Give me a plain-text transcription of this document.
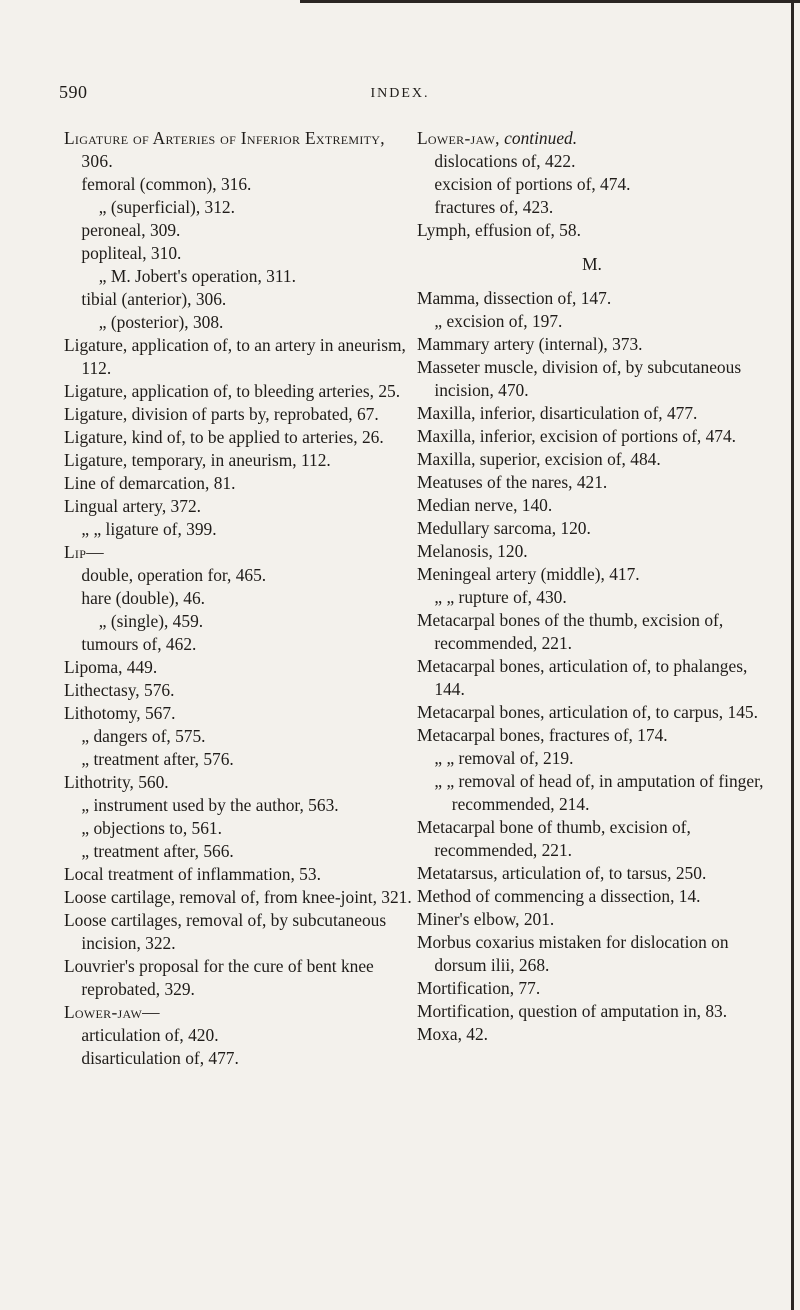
590	INDEX.
Ligature of Arteries of Inferior Extremity, 306.
femoral (common), 316.
„ (superficial), 312.
peroneal, 309.
popliteal, 310.
„ M. Jobert's operation, 311.
tibial (anterior), 306.
„ (posterior), 308.
Ligature, application of, to an artery in aneurism, 112.
Ligature, application of, to bleeding arteries, 25.
Ligature, division of parts by, reprobated, 67.
Ligature, kind of, to be applied to arteries, 26.
Ligature, temporary, in aneurism, 112.
Line of demarcation, 81.
Lingual artery, 372.
„ „ ligature of, 399.
Lip—
double, operation for, 465.
hare (double), 46.
„ (single), 459.
tumours of, 462.
Lipoma, 449.
Lithectasy, 576.
Lithotomy, 567.
„ dangers of, 575.
„ treatment after, 576.
Lithotrity, 560.
„ instrument used by the author, 563.
„ objections to, 561.
„ treatment after, 566.
Local treatment of inflammation, 53.
Loose cartilage, removal of, from knee-joint, 321.
Loose cartilages, removal of, by subcutaneous incision, 322.
Louvrier's proposal for the cure of bent knee reprobated, 329.
Lower-jaw—
articulation of, 420.
disarticulation of, 477.
Lower-jaw, continued.
dislocations of, 422.
excision of portions of, 474.
fractures of, 423.
Lymph, effusion of, 58.
M.
Mamma, dissection of, 147.
„ excision of, 197.
Mammary artery (internal), 373.
Masseter muscle, division of, by subcutaneous incision, 470.
Maxilla, inferior, disarticulation of, 477.
Maxilla, inferior, excision of portions of, 474.
Maxilla, superior, excision of, 484.
Meatuses of the nares, 421.
Median nerve, 140.
Medullary sarcoma, 120.
Melanosis, 120.
Meningeal artery (middle), 417.
„ „ rupture of, 430.
Metacarpal bones of the thumb, excision of, recommended, 221.
Metacarpal bones, articulation of, to phalanges, 144.
Metacarpal bones, articulation of, to carpus, 145.
Metacarpal bones, fractures of, 174.
„ „ removal of, 219.
„ „ removal of head of, in amputation of finger, recommended, 214.
Metacarpal bone of thumb, excision of, recommended, 221.
Metatarsus, articulation of, to tarsus, 250.
Method of commencing a dissection, 14.
Miner's elbow, 201.
Morbus coxarius mistaken for dislocation on dorsum ilii, 268.
Mortification, 77.
Mortification, question of amputation in, 83.
Moxa, 42.
